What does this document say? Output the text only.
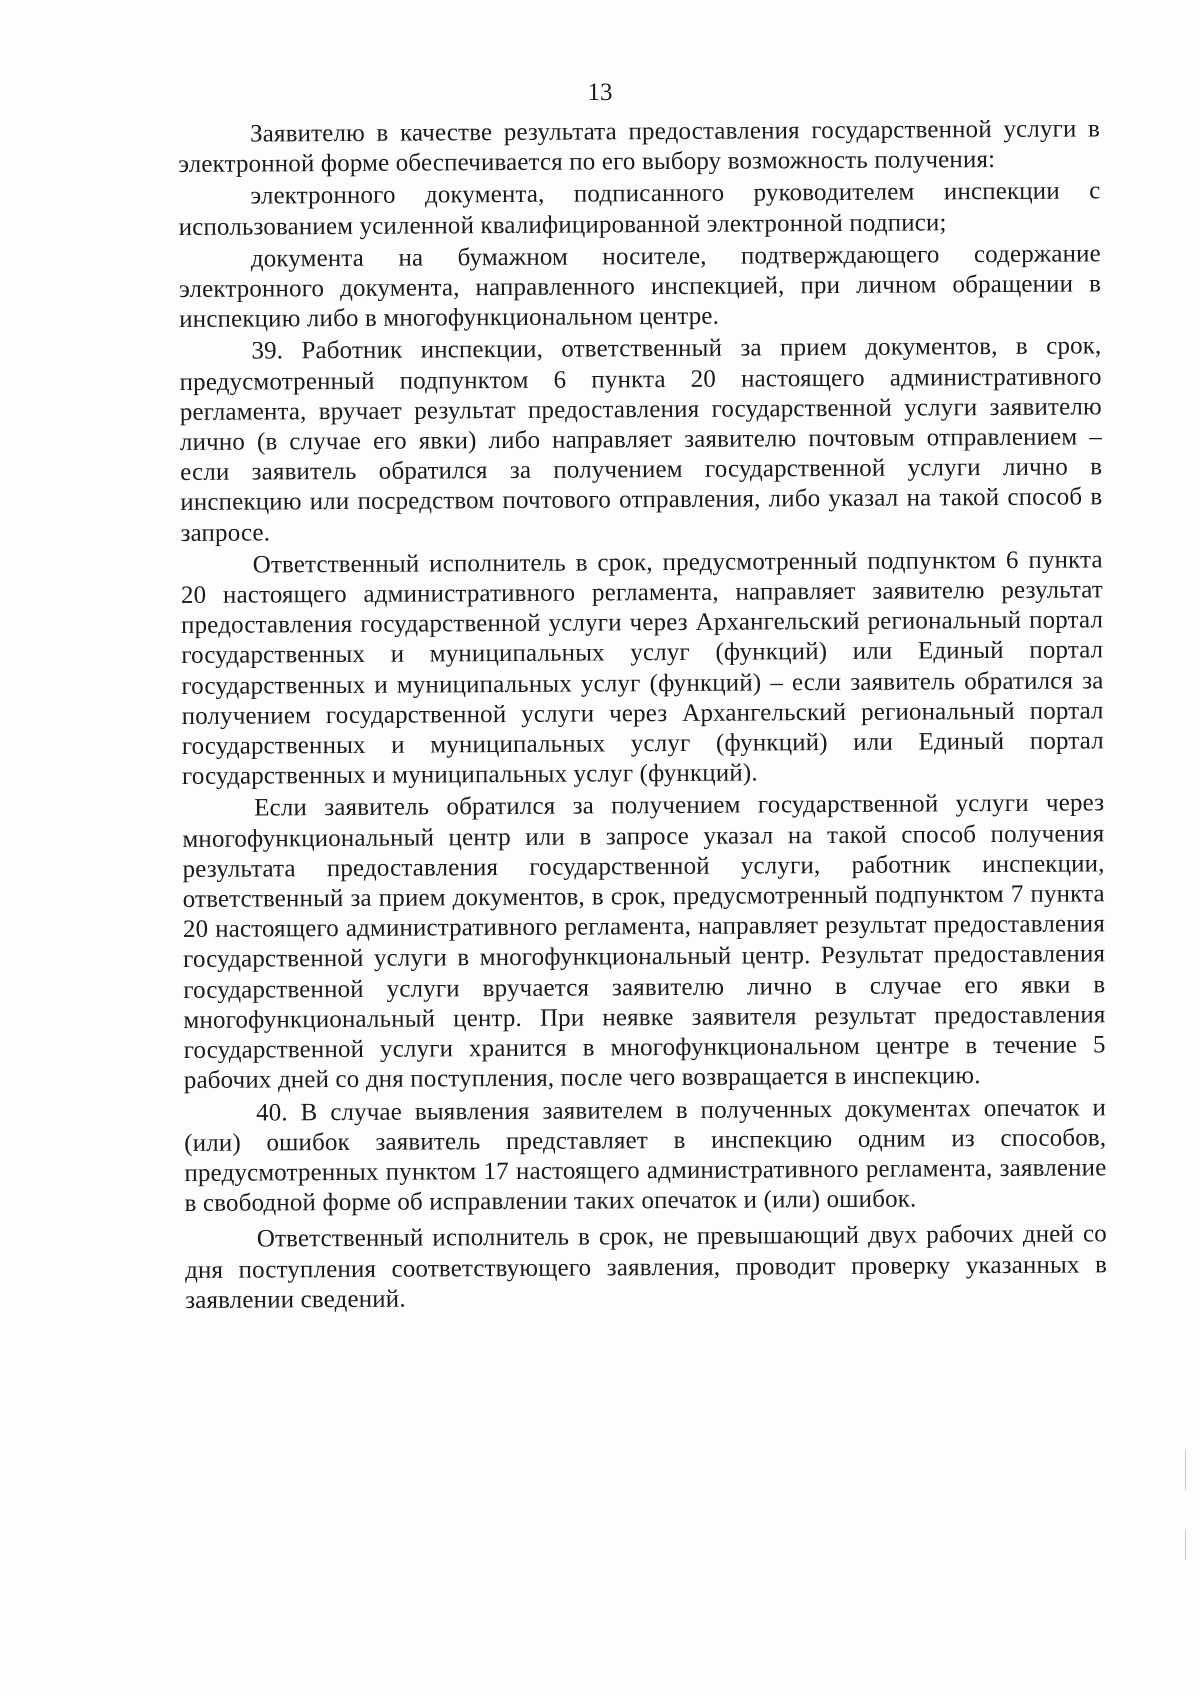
13

Заявителю в качестве результата предоставления государственной услуги в электронной форме обеспечивается по его выбору возможность получения:

электронного документа, подписанного руководителем инспекции с использованием усиленной квалифицированной электронной подписи;

документа на бумажном носителе, подтверждающего содержание электронного документа, направленного инспекцией, при личном обращении в инспекцию либо в многофункциональном центре.

39. Работник инспекции, ответственный за прием документов, в срок, предусмотренный подпунктом 6 пункта 20 настоящего административного регламента, вручает результат предоставления государственной услуги заявителю лично (в случае его явки) либо направляет заявителю почтовым отправлением – если заявитель обратился за получением государственной услуги лично в инспекцию или посредством почтового отправления, либо указал на такой способ в запросе.

Ответственный исполнитель в срок, предусмотренный подпунктом 6 пункта 20 настоящего административного регламента, направляет заявителю результат предоставления государственной услуги через Архангельский региональный портал государственных и муниципальных услуг (функций) или Единый портал государственных и муниципальных услуг (функций) – если заявитель обратился за получением государственной услуги через Архангельский региональный портал государственных и муниципальных услуг (функций) или Единый портал государственных и муниципальных услуг (функций).

Если заявитель обратился за получением государственной услуги через многофункциональный центр или в запросе указал на такой способ получения результата предоставления государственной услуги, работник инспекции, ответственный за прием документов, в срок, предусмотренный подпунктом 7 пункта 20 настоящего административного регламента, направляет результат предоставления государственной услуги в многофункциональный центр. Результат предоставления государственной услуги вручается заявителю лично в случае его явки в многофункциональный центр. При неявке заявителя результат предоставления государственной услуги хранится в многофункциональном центре в течение 5 рабочих дней со дня поступления, после чего возвращается в инспекцию.

40. В случае выявления заявителем в полученных документах опечаток и (или) ошибок заявитель представляет в инспекцию одним из способов, предусмотренных пунктом 17 настоящего административного регламента, заявление в свободной форме об исправлении таких опечаток и (или) ошибок.

Ответственный исполнитель в срок, не превышающий двух рабочих дней со дня поступления соответствующего заявления, проводит проверку указанных в заявлении сведений.
